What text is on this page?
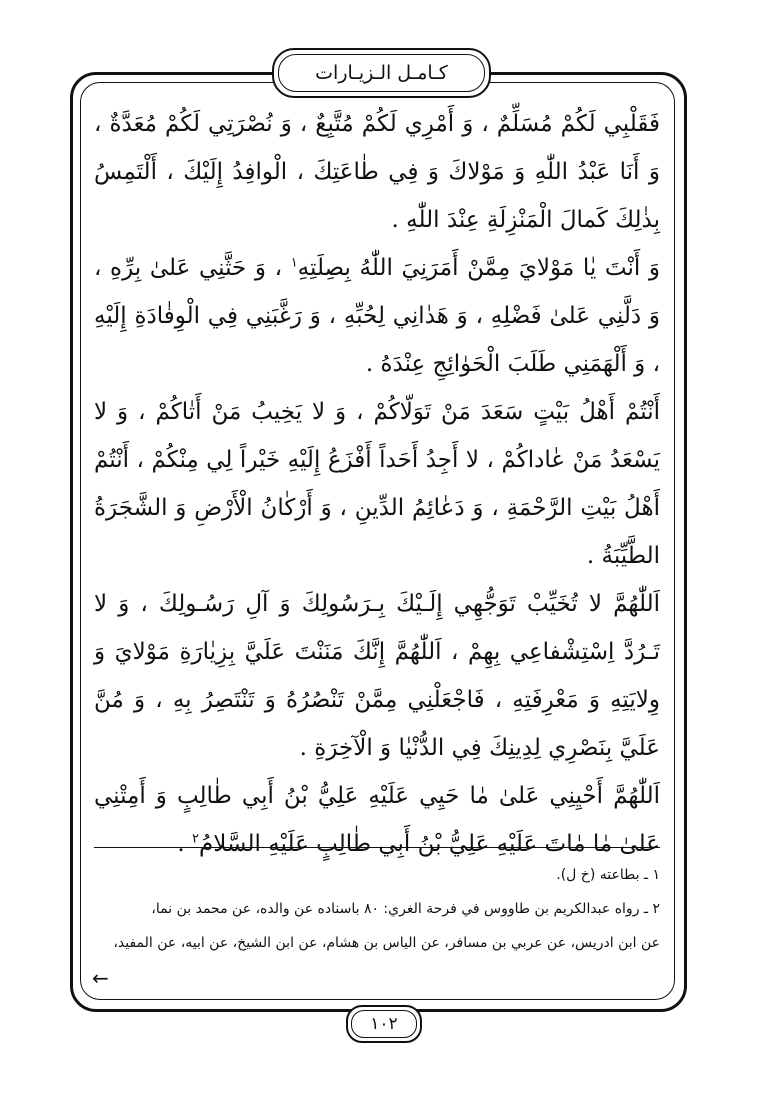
كـامـل الـزيـارات

فَقَلْبِي لَكُمْ مُسَلِّمٌ ، وَ أَمْرِي لَكُمْ مُتَّبِعٌ ، وَ نُصْرَتِي لَكُمْ مُعَدَّةٌ ، وَ أَنَا عَبْدُ اللّٰهِ وَ مَوْلاكَ وَ فِي طٰاعَتِكَ ، الْوافِدُ إِلَيْكَ ، أَلْتَمِسُ بِذٰلِكَ كَمالَ الْمَنْزِلَةِ عِنْدَ اللّٰهِ .

وَ أَنْتَ يٰا مَوْلايَ مِمَّنْ أَمَرَنِيَ اللّٰهُ بِصِلَتِهِ$^١$ ، وَ حَثَّنِي عَلىٰ بِرِّهِ ، وَ دَلَّنِي عَلىٰ فَضْلِهِ ، وَ هَدٰانِي لِحُبِّهِ ، وَ رَغَّبَنِي فِي الْوِفٰادَةِ إِلَيْهِ ، وَ أَلْهَمَنِي طَلَبَ الْحَوٰائِجِ عِنْدَهُ .

أَنْتُمْ أَهْلُ بَيْتٍ سَعَدَ مَنْ تَوَلّاكُمْ ، وَ لا يَخِيبُ مَنْ أَتٰاكُمْ ، وَ لا يَسْعَدُ مَنْ عٰاداكُمْ ، لا أَجِدُ أَحَداً أَفْزَعُ إِلَيْهِ خَيْراً لِي مِنْكُمْ ، أَنْتُمْ أَهْلُ بَيْتِ الرَّحْمَةِ ، وَ دَعٰائِمُ الدِّينِ ، وَ أَرْكٰانُ الْأَرْضِ وَ الشَّجَرَةُ الطَّيِّبَةُ .

اَللّٰهُمَّ لا تُخَيِّبْ تَوَجُّهِي إِلَـيْكَ بِـرَسُولِكَ وَ آلِ رَسُـولِكَ ، وَ لا تَـرُدَّ اِسْتِشْفاعِي بِهِمْ ، اَللّٰهُمَّ إِنَّكَ مَنَنْتَ عَلَيَّ بِزِيٰارَةِ مَوْلايَ وَ وِلايَتِهِ وَ مَعْرِفَتِهِ ، فَاجْعَلْنِي مِمَّنْ تَنْصُرُهُ وَ تَنْتَصِرُ بِهِ ، وَ مُنَّ عَلَيَّ بِنَصْرِي لِدِينِكَ فِي الدُّنْيٰا وَ الْآخِرَةِ .

اَللّٰهُمَّ أَحْيِنِي عَلىٰ مٰا حَيِي عَلَيْهِ عَلِيُّ بْنُ أَبِي طٰالِبٍ وَ أَمِتْنِي عَلىٰ مٰا مٰاتَ عَلَيْهِ عَلِيُّ بْنُ أَبِي طٰالِبٍ عَلَيْهِ السَّلامُ$^٢$ .

١ ـ بطاعته (خ ل).
٢ ـ رواه عبدالكريم بن طاووس في فرحة الغري: ٨٠ باسناده عن والده، عن محمد بن نما،
عن ابن ادريس، عن عربي بن مسافر، عن الياس بن هشام، عن ابن الشيخ، عن ابيه، عن المفيد،
←
١٠٢
